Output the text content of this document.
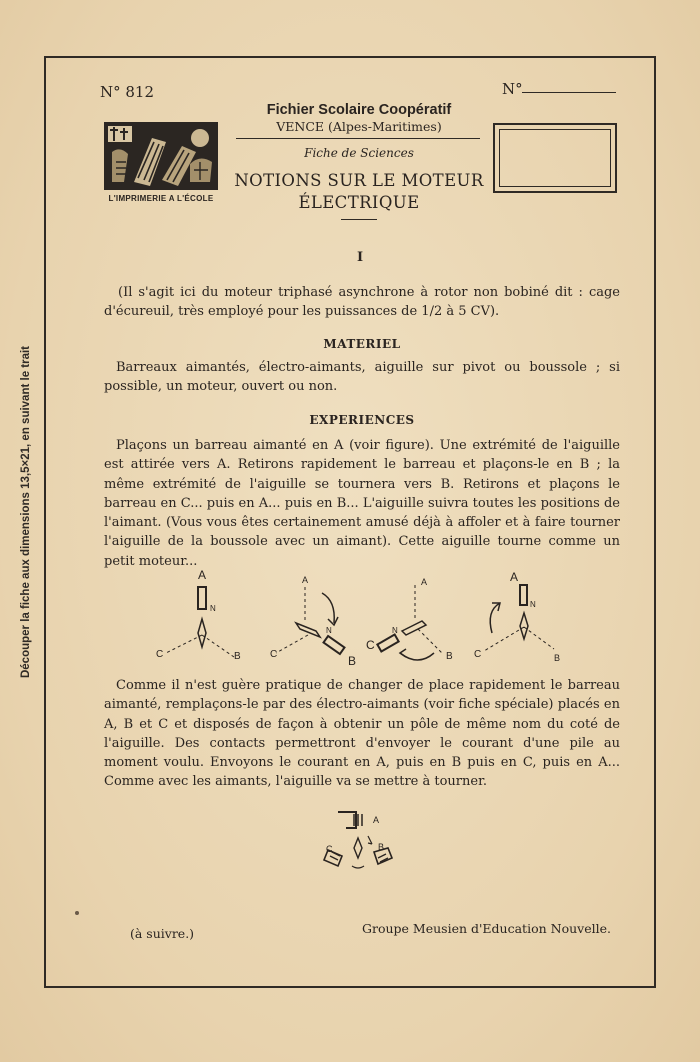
Découper la fiche aux dimensions 13,5×21, en suivant le trait
N° 812	N°
L'IMPRIMERIE A L'ÉCOLE
Fichier Scolaire Coopératif
VENCE (Alpes-Maritimes)
Fiche de Sciences
NOTIONS SUR LE MOTEUR
ÉLECTRIQUE
I
(Il s'agit ici du moteur triphasé asynchrone à rotor non bobiné dit : cage d'écureuil, très employé pour les puissances de 1/2 à 5 CV).
MATERIEL
Barreaux aimantés, électro-aimants, aiguille sur pivot ou boussole ; si possible, un moteur, ouvert ou non.
EXPERIENCES
Plaçons un barreau aimanté en A (voir figure). Une extrémité de l'aiguille est attirée vers A. Retirons rapidement le barreau et plaçons-le en B ; la même extrémité de l'aiguille se tournera vers B. Retirons et plaçons le barreau en C... puis en A... puis en B... L'aiguille suivra toutes les positions de l'aimant. (Vous vous êtes certainement amusé déjà à affoler et à faire tourner l'aiguille de la boussole avec un aimant). Cette aiguille tourne comme un petit moteur...
A
N
C	B
A
N
C	B
A
N
C
B
A
N
C	B
Comme il n'est guère pratique de changer de place rapidement le barreau aimanté, remplaçons-le par des électro-aimants (voir fiche spéciale) placés en A, B et C et disposés de façon à obtenir un pôle de même nom du coté de l'aiguille. Des contacts permettront d'envoyer le courant d'une pile au moment voulu. Envoyons le courant en A, puis en B puis en C, puis en A... Comme avec les aimants, l'aiguille va se mettre à tourner.
A
C	B
(à suivre.)	Groupe Meusien d'Education Nouvelle.
